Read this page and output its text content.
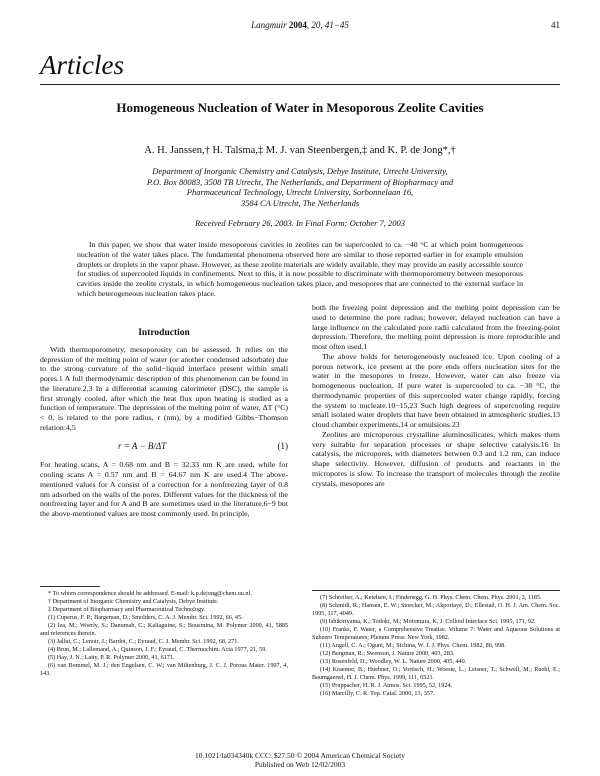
Langmuir 2004, 20, 41−45	41
Articles
Homogeneous Nucleation of Water in Mesoporous Zeolite Cavities
A. H. Janssen,† H. Talsma,‡ M. J. van Steenbergen,‡ and K. P. de Jong*,†
Department of Inorganic Chemistry and Catalysis, Debye Institute, Utrecht University,
P.O. Box 80083, 3508 TB Utrecht, The Netherlands, and Department of Biopharmacy and
Pharmaceutical Technology, Utrecht University, Sorbonnelaan 16,
3584 CA Utrecht, The Netherlands
Received February 26, 2003. In Final Form: October 7, 2003
In this paper, we show that water inside mesoporous cavities in zeolites can be supercooled to ca. −40 °C at which point homogeneous nucleation of the water takes place. The fundamental phenomena observed here are similar to those reported earlier in for example emulsion droplets or droplets in the vapor phase. However, as these zeolite materials are widely available, they may provide an easily accessible source for studies of supercooled liquids in confinements. Next to this, it is now possible to discriminate with thermoporometry between mesoporous cavities inside the zeolite crystals, in which homogeneous nucleation takes place, and mesopores that are connected to the external surface in which heterogeneous nucleation takes place.
Introduction

With thermoporometry, mesoporosity can be assessed. It relies on the depression of the melting point of water (or another condensed adsorbate) due to the strong curvature of the solid−liquid interface present within small pores.1 A full thermodynamic description of this phenomenon can be found in the literature.2,3 In a differential scanning calorimeter (DSC), the sample is first strongly cooled, after which the heat flux upon heating is studied as a function of temperature. The depression of the melting point of water, ΔT (°C) < 0, is related to the pore radius, r (nm), by a modified Gibbs−Thomson relation:4,5

r = A − B/ΔT	(1)

For heating scans, A = 0.68 nm and B = 32.33 nm K are used, while for cooling scans A = 0.57 nm and B = 64.67 nm K are used.4 The above-mentioned values for A consist of a correction for a nonfreezing layer of 0.8 nm adsorbed on the walls of the pores. Different values for the thickness of the nonfreezing layer and for A and B are sometimes used in the literature,6−9 but the above-mentioned values are most commonly used. In principle,

both the freezing point depression and the melting point depression can be used to determine the pore radius; however, delayed nucleation can have a large influence on the calculated pore radii calculated from the freezing-point depression. Therefore, the melting point depression is more reproducible and most often used.1

The above holds for heterogeneously nucleated ice. Upon cooling of a porous network, ice present at the pore ends offers nucleation sites for the water in the mesopores to freeze. However, water can also freeze via homogeneous nucleation. If pure water is supercooled to ca. −38 °C, the thermodynamic properties of this supercooled water change rapidly, forcing the system to nucleate.10−15,23 Such high degrees of supercooling require small isolated water droplets that have been obtained in atmospheric studies,13 cloud chamber experiments,14 or emulsions.23

Zeolites are microporous crystalline aluminosilicates, which makes them very suitable for separation processes or shape selective catalysis.16 In catalysis, the micropores, with diameters between 0.3 and 1.2 nm, can induce shape selectivity. However, diffusion of products and reactants in the micropores is slow. To increase the transport of molecules through the zeolite crystals, mesopores are

* To whom correspondence should be addressed. E-mail: k.p.dejong@chem.uu.nl.
† Department of Inorganic Chemistry and Catalysis, Debye Institute.
‡ Department of Biopharmacy and Pharmaceutical Technology.
(1) Cuperus, F. P.; Bargeman, D.; Smolders, C. A. J. Membr. Sci. 1992, 66, 45.
(2) Iza, M.; Woerly, S.; Danumah, C.; Kaliaguine, S.; Bousmina, M. Polymer 2000, 41, 5885 and references therein.
(3) Jallut, C.; Lenoir, J.; Bardot, C.; Eyraud, C. J. Membr. Sci. 1992, 68, 271.
(4) Brun, M.; Lallemand, A.; Quinson, J. F.; Eyraud, C. Thermochim. Acta 1977, 21, 59.
(5) Hay, J. N.; Laity, P. R. Polymer 2000, 41, 6171.
(6) van Bommel, M. J.; den Engelsen, C. W.; van Miltenburg, J. C. J. Porous Mater. 1997, 4, 143.
(7) Schreiber, A.; Ketelsen, I.; Findenegg, G. H. Phys. Chem. Chem. Phys. 2001, 3, 1185.
(8) Schmidt, R.; Hansen, E. W.; Stoecker, M.; Akporiaye, D.; Ellestad, O. H. J. Am. Chem. Soc. 1995, 117, 4049.
(9) Ishikiriyama, K.; Todoki, M.; Motomura, K. J. Colloid Interface Sci. 1995, 171, 92.
(10) Franks, F. Water, a Comprehensive Treatise. Volume 7: Water and Aqueous Solutions at Subzero Temperatures; Plenum Press: New York, 1982.
(11) Angell, C. A.; Oguni, M.; Sichina, W. J. J. Phys. Chem. 1982, 86, 998.
(12) Bergman, R.; Swenson, J. Nature 2000, 403, 283.
(13) Rosenfeld, D.; Woodley, W. L. Nature 2000, 405, 440.
(14) Kraemer, B.; Huebner, O.; Vortisch, H.; Woeste, L.; Leisner, T.; Schwell, M.; Ruehl, E.; Baumgaertel, H. J. Chem. Phys. 1999, 111, 6521.
(15) Pruppacher, H. R. J. Atmos. Sci. 1995, 52, 1924.
(16) Marcilly, C. R. Top. Catal. 2000, 13, 357.
10.1021/la034340k CCC: $27.50 © 2004 American Chemical Society
Published on Web 12/02/2003
